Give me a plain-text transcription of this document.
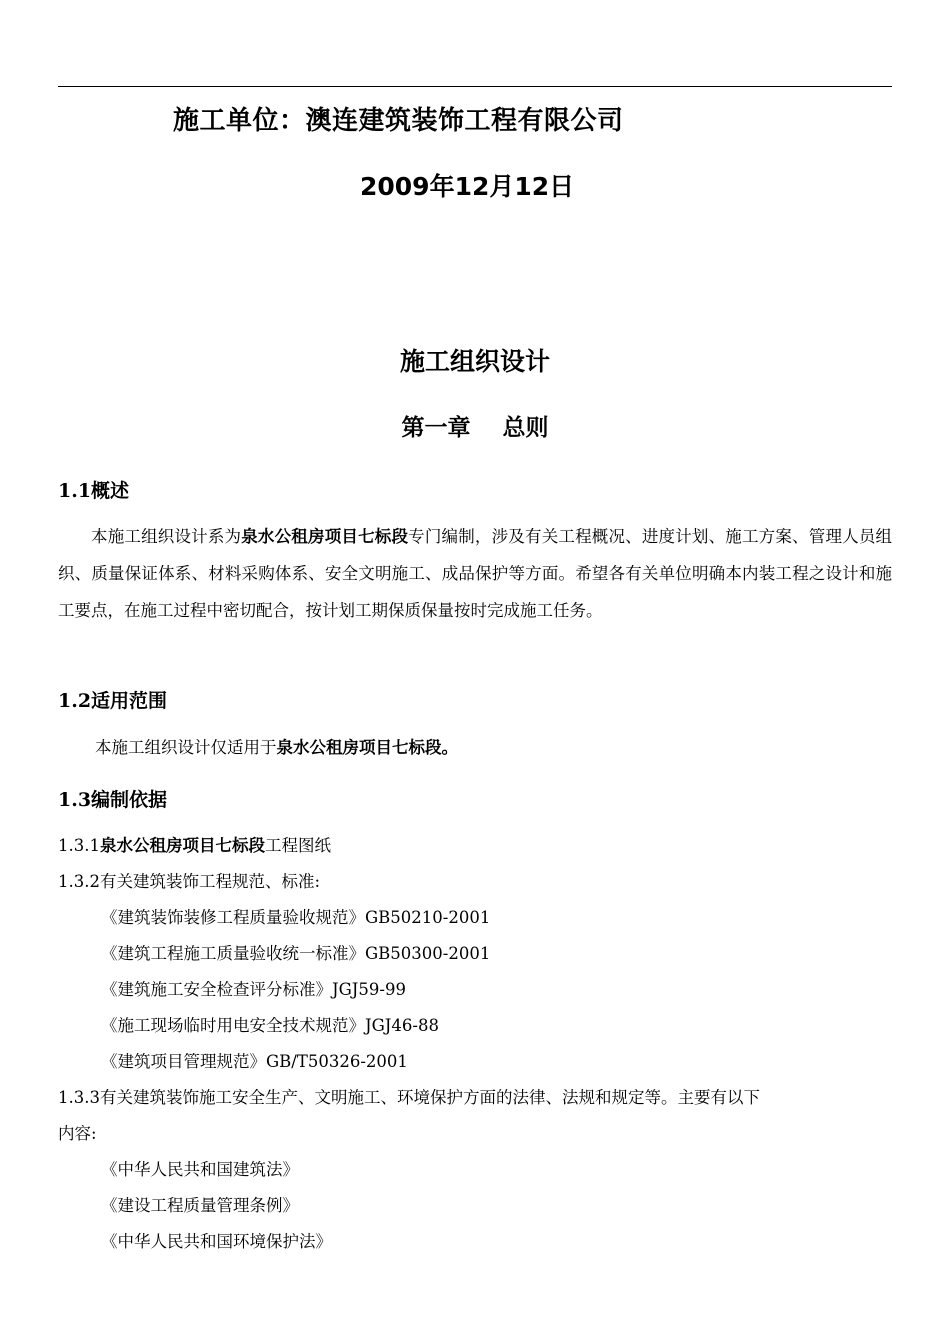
施工单位：澳连建筑装饰工程有限公司
2009年12月12日
施工组织设计
第一章    总则
1.1概述
本施工组织设计系为泉水公租房项目七标段专门编制，涉及有关工程概况、进度计划、施工方案、管理人员组织、质量保证体系、材料采购体系、安全文明施工、成品保护等方面。希望各有关单位明确本内装工程之设计和施工要点，在施工过程中密切配合，按计划工期保质保量按时完成施工任务。
1.2适用范围
本施工组织设计仅适用于泉水公租房项目七标段。
1.3编制依据
1.3.1泉水公租房项目七标段工程图纸
1.3.2有关建筑装饰工程规范、标准:
《建筑装饰装修工程质量验收规范》GB50210-2001
《建筑工程施工质量验收统一标准》GB50300-2001
《建筑施工安全检查评分标准》JGJ59-99
《施工现场临时用电安全技术规范》JGJ46-88
《建筑项目管理规范》GB/T50326-2001
1.3.3有关建筑装饰施工安全生产、文明施工、环境保护方面的法律、法规和规定等。主要有以下
内容:
《中华人民共和国建筑法》
《建设工程质量管理条例》
《中华人民共和国环境保护法》
